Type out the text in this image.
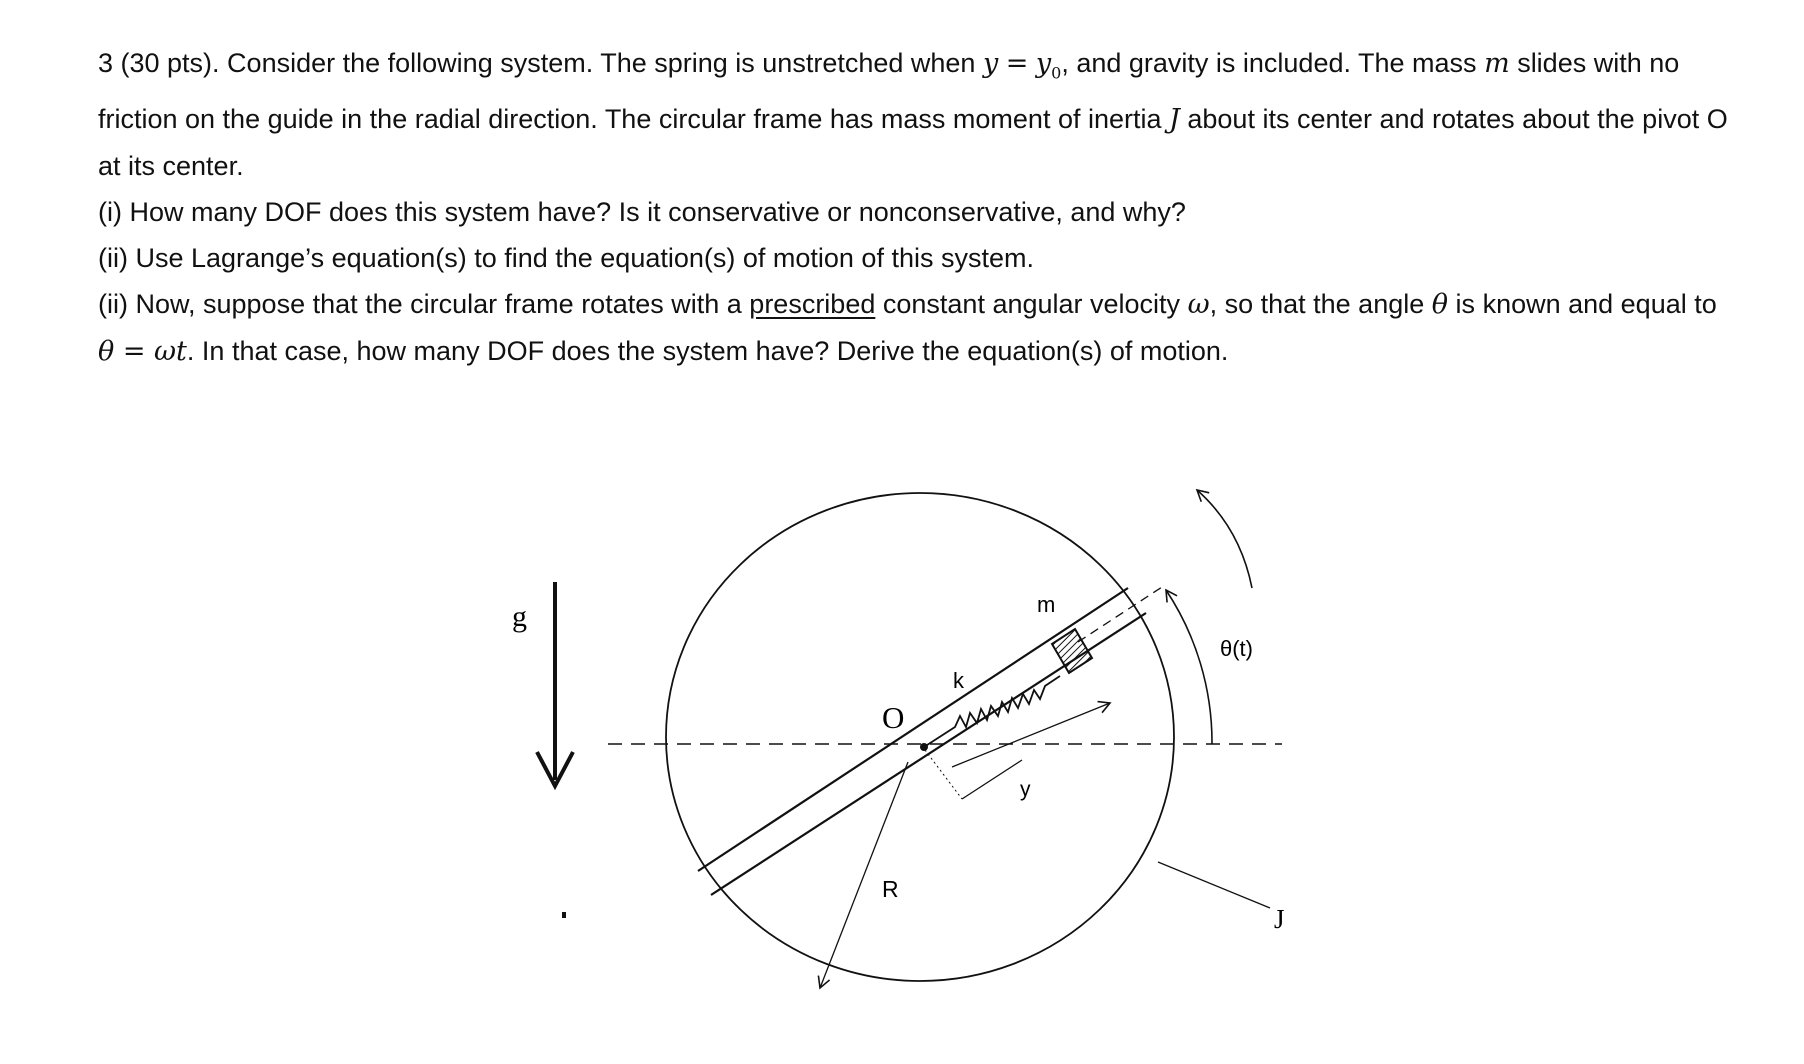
3 (30 pts). Consider the following system. The spring is unstretched when $y = y_0$, and gravity is included. The mass m slides with no friction on the guide in the radial direction. The circular frame has mass moment of inertia J about its center and rotates about the pivot O at its center.

(i) How many DOF does this system have? Is it conservative or nonconservative, and why?

(ii) Use Lagrange’s equation(s) to find the equation(s) of motion of this system.

(ii) Now, suppose that the circular frame rotates with a prescribed constant angular velocity ω, so that the angle θ is known and equal to θ = ωt. In that case, how many DOF does the system have? Derive the equation(s) of motion.

g
O
k
m
y
R
θ(t)
J
